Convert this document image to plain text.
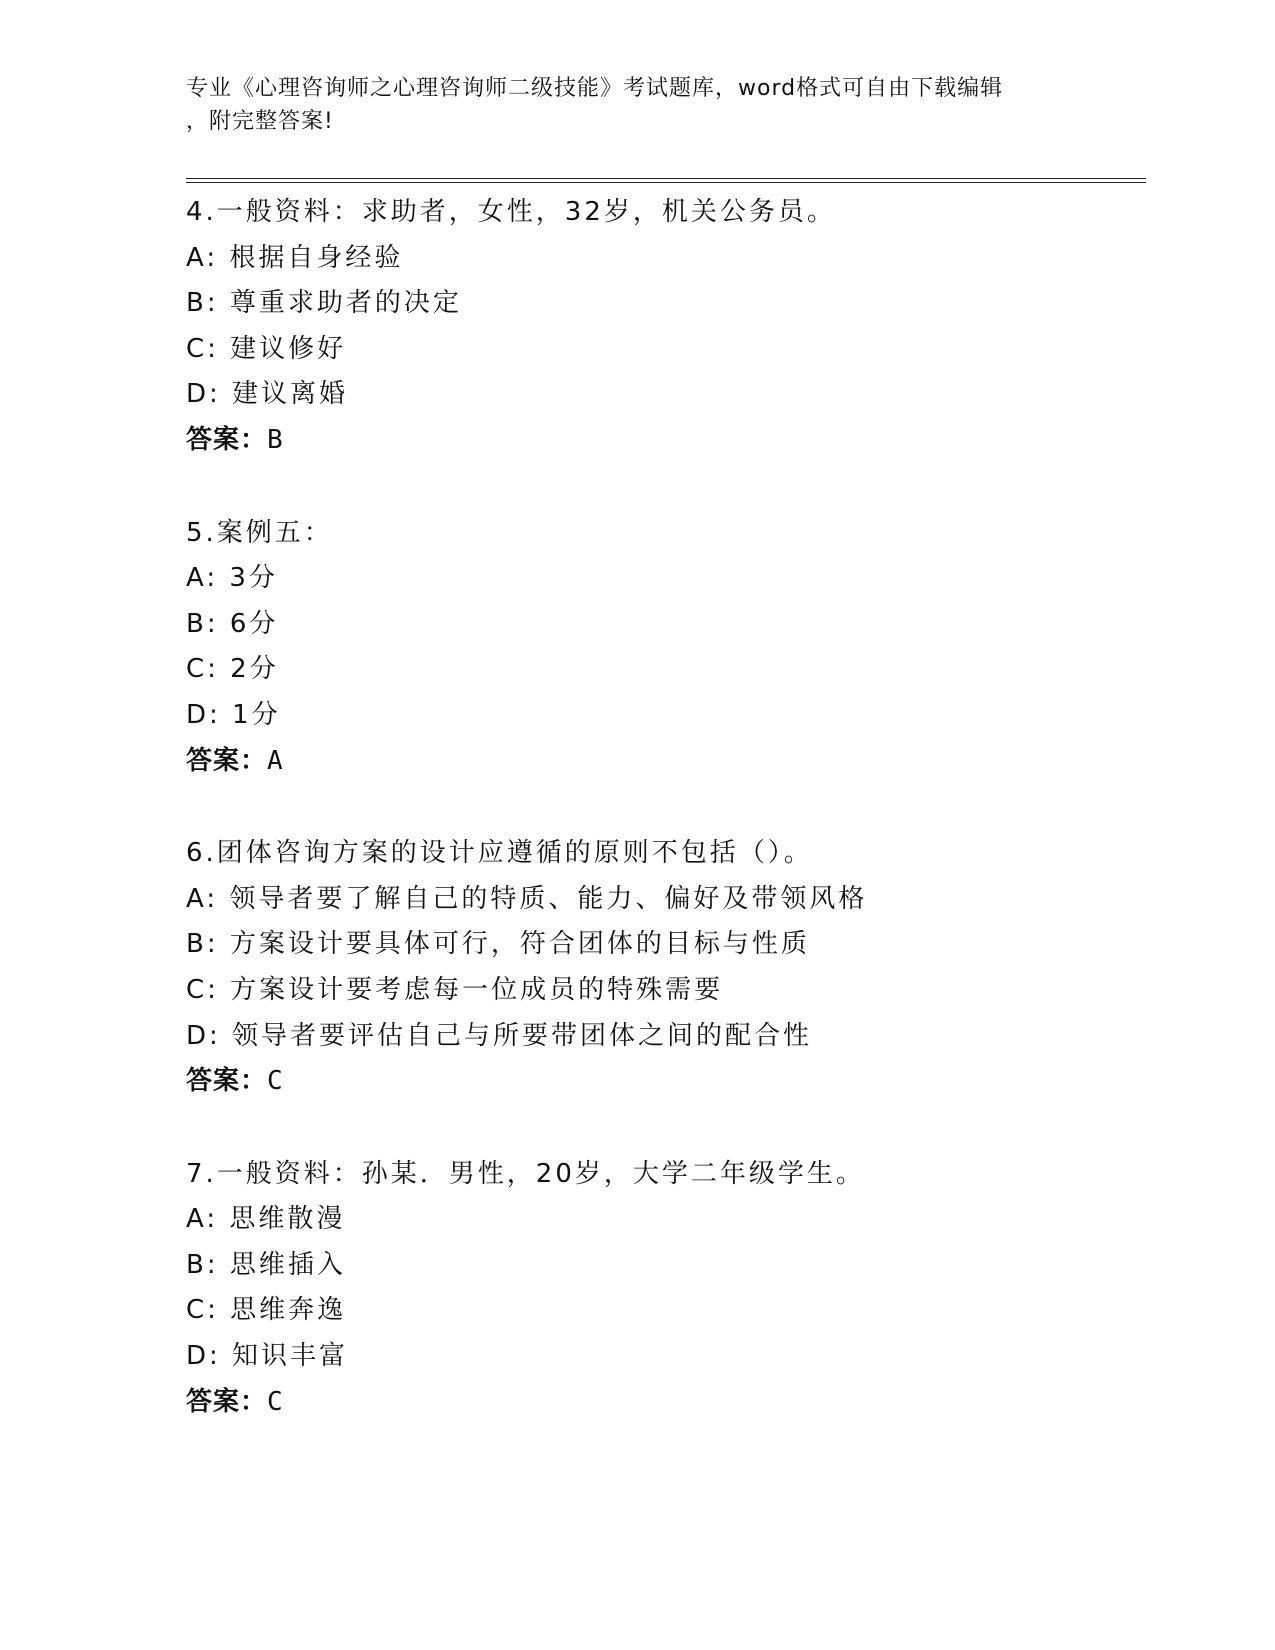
专业《心理咨询师之心理咨询师二级技能》考试题库，word格式可自由下载编辑
，附完整答案!
4.一般资料：求助者，女性，32岁，机关公务员。
A: 根据自身经验
B: 尊重求助者的决定
C: 建议修好
D: 建议离婚
答案：B
5.案例五：
A: 3分
B: 6分
C: 2分
D: 1分
答案：A
6.团体咨询方案的设计应遵循的原则不包括（）。
A: 领导者要了解自己的特质、能力、偏好及带领风格
B: 方案设计要具体可行，符合团体的目标与性质
C: 方案设计要考虑每一位成员的特殊需要
D: 领导者要评估自己与所要带团体之间的配合性
答案：C
7.一般资料：孙某．男性，20岁，大学二年级学生。
A: 思维散漫
B: 思维插入
C: 思维奔逸
D: 知识丰富
答案：C
